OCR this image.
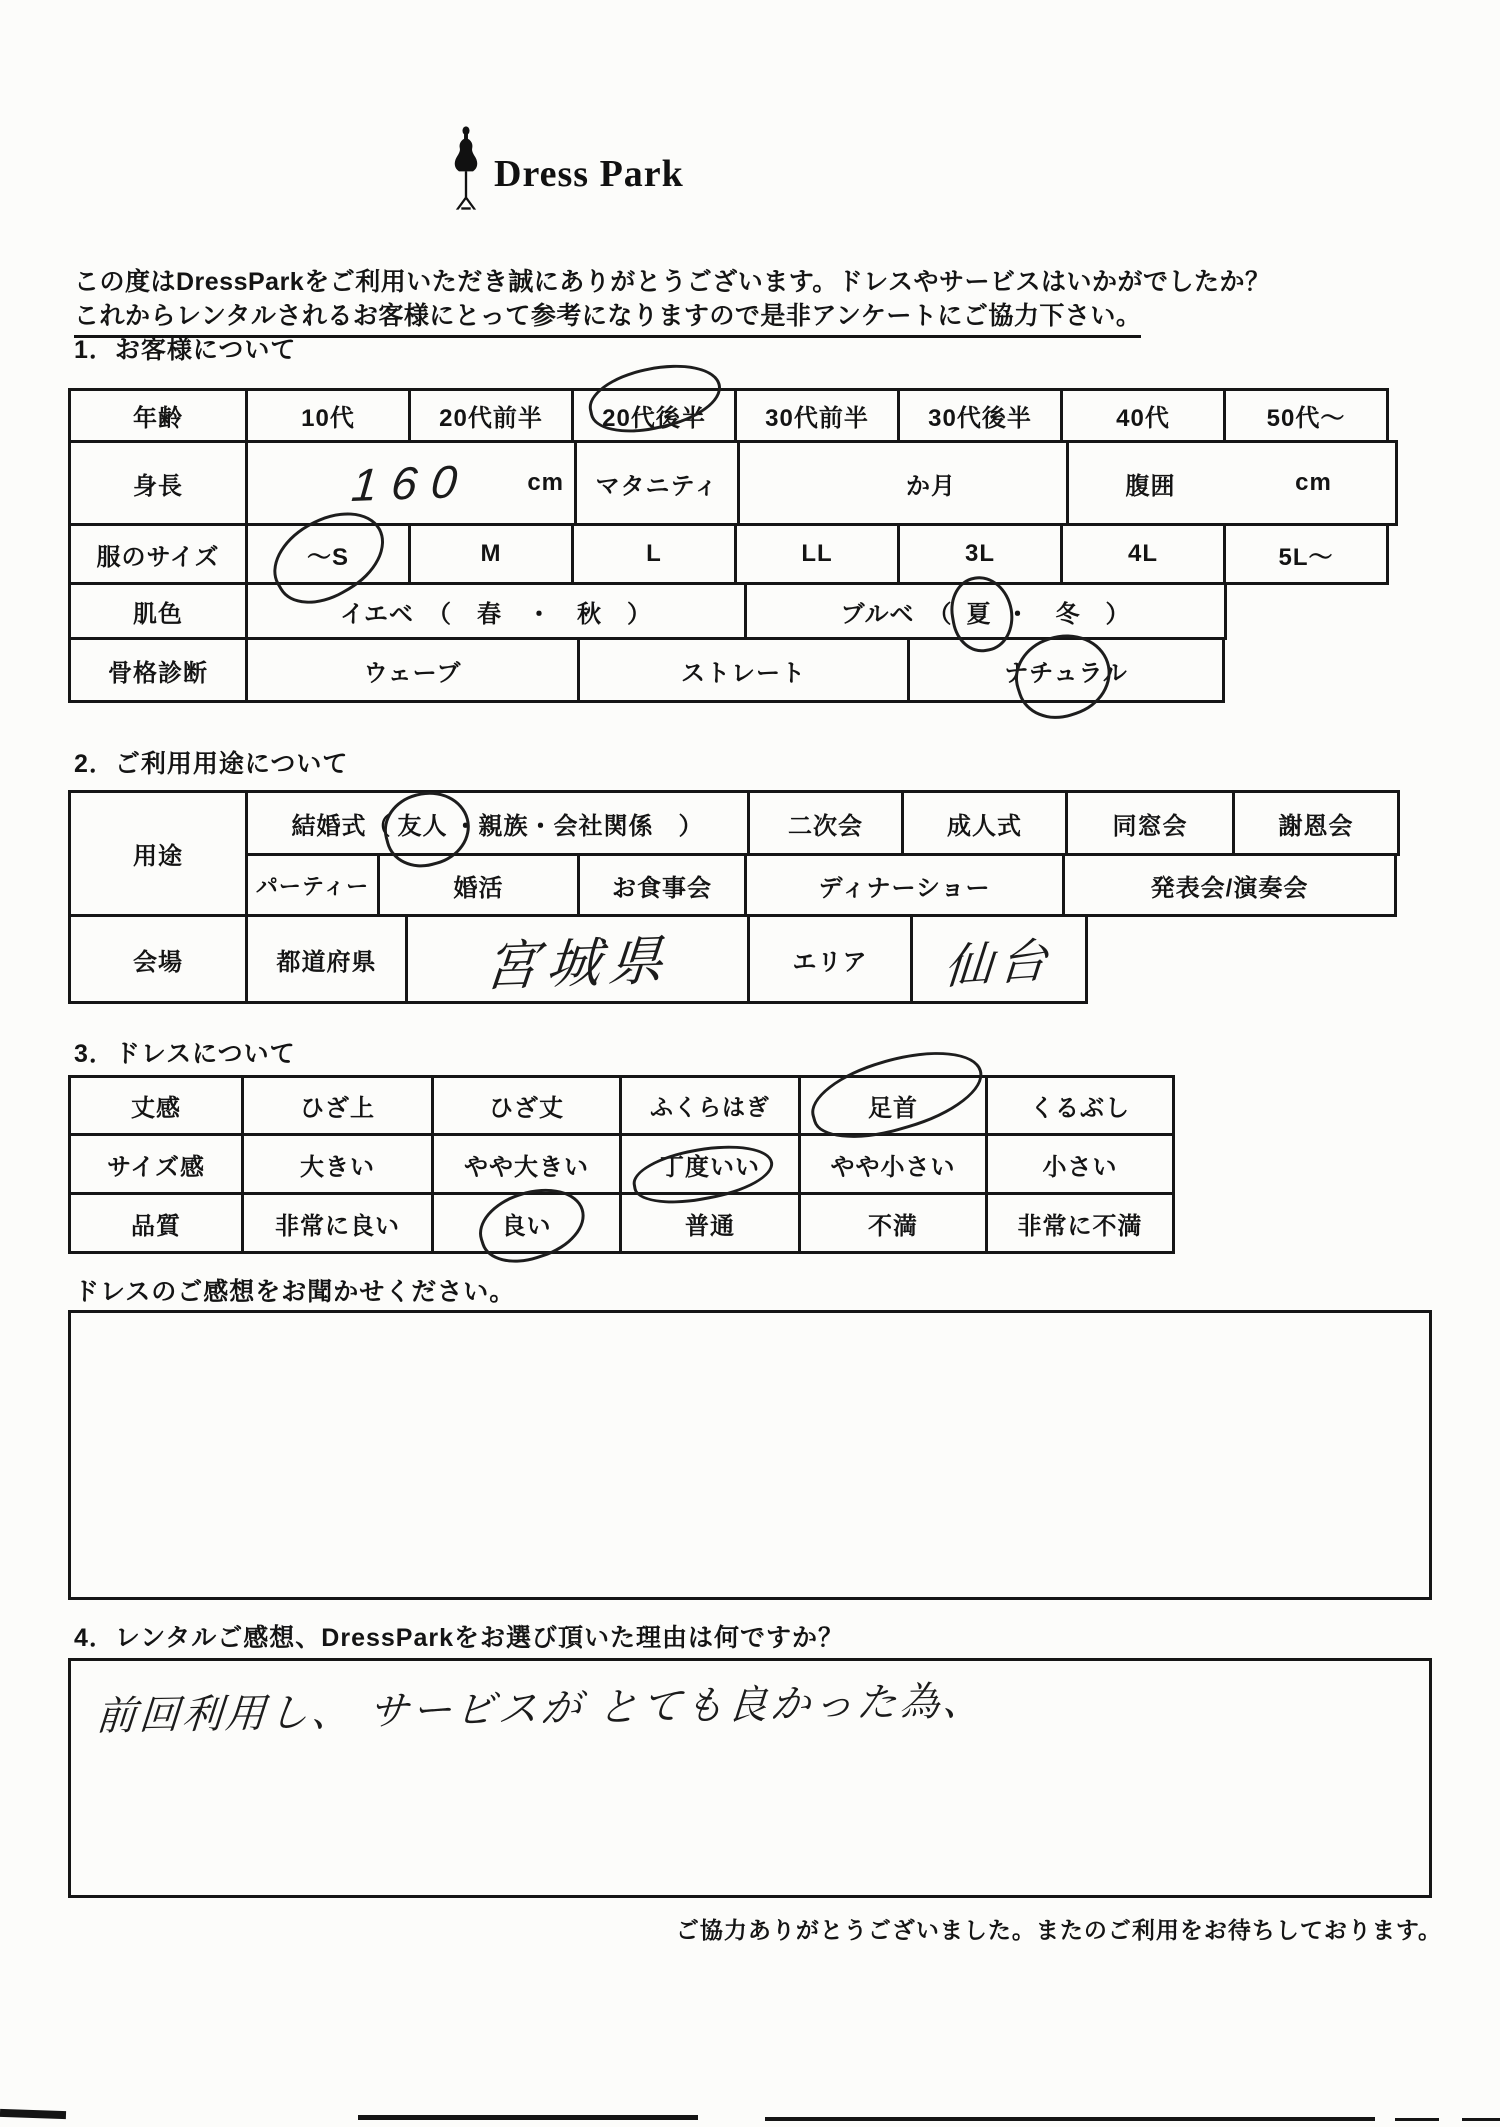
Dress Park
この度はDressParkをご利用いただき誠にありがとうございます。ドレスやサービスはいかがでしたか？
これからレンタルされるお客様にとって参考になりますので是非アンケートにご協力下さい。
1．お客様について
年齢	10代	20代前半	20代後半	30代前半	30代後半	40代	50代〜
身長	160 cm	マタニティ	か月	腹囲	cm
服のサイズ	〜S	M	L	LL	3L	4L	5L〜
肌色	イエベ　（　春　・　秋　）	ブルベ　（ 夏 ・　冬　）
骨格診断	ウェーブ	ストレート	ナ チュ ラル
2．ご利用用途について
用途
結婚式（ 友人 ・親族・会社関係　）	二次会	成人式	同窓会	謝恩会
パーティー	婚活	お食事会	ディナーショー	発表会/演奏会
会場	都道府県	宮城県	エリア	仙台
3．ドレスについて
丈感	ひざ上	ひざ丈	ふくらはぎ	足首	くるぶし
サイズ感	大きい	やや大きい	丁度いい	やや小さい	小さい
品質	非常に良い	良い	普通	不満	非常に不満
ドレスのご感想をお聞かせください。
4．レンタルご感想、DressParkをお選び頂いた理由は何ですか？
前回利用し、 サービスが とても良かった為、
ご協力ありがとうございました。またのご利用をお待ちしております。
